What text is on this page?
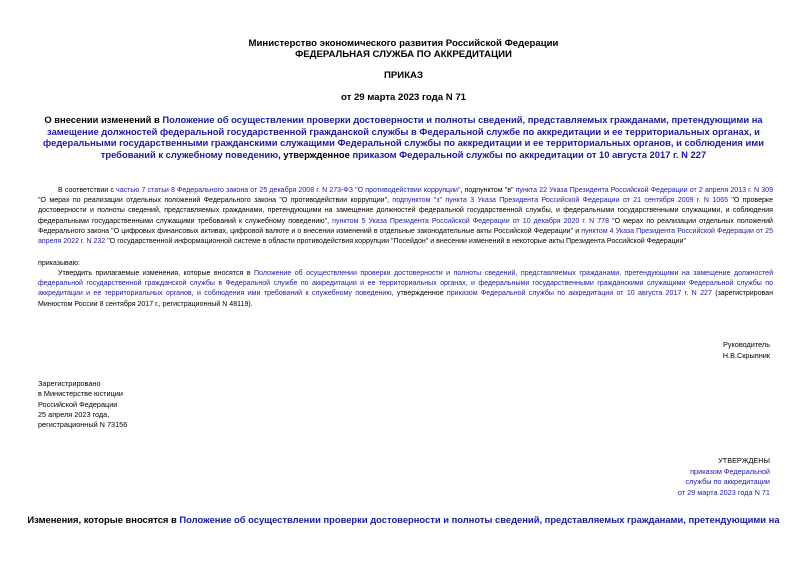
Министерство экономического развития Российской Федерации
ФЕДЕРАЛЬНАЯ СЛУЖБА ПО АККРЕДИТАЦИИ
ПРИКАЗ
от 29 марта 2023 года N 71
О внесении изменений в Положение об осуществлении проверки достоверности и полноты сведений, представляемых гражданами, претендующими на замещение должностей федеральной государственной гражданской службы в Федеральной службе по аккредитации и ее территориальных органах, и федеральными государственными гражданскими служащими Федеральной службы по аккредитации и ее территориальных органов, и соблюдения ими требований к служебному поведению, утвержденное приказом Федеральной службы по аккредитации от 10 августа 2017 г. N 227

В соответствии с частью 7 статьи 8 Федерального закона от 25 декабря 2008 г. N 273-ФЗ "О противодействии коррупции", подпунктом "в" пункта 22 Указа Президента Российской Федерации от 2 апреля 2013 г. N 309 "О мерах по реализации отдельных положений Федерального закона "О противодействии коррупции", подпунктом "з" пункта 3 Указа Президента Российской Федерации от 21 сентября 2009 г. N 1065 "О проверке достоверности и полноты сведений, представляемых гражданами, претендующими на замещение должностей федеральной государственной службы, и федеральными государственными служащими, и соблюдения федеральными государственными служащими требований к служебному поведению", пунктом 5 Указа Президента Российской Федерации от 10 декабря 2020 г. N 778 "О мерах по реализации отдельных положений Федерального закона "О цифровых финансовых активах, цифровой валюте и о внесении изменений в отдельные законодательные акты Российской Федерации" и пунктом 4 Указа Президента Российской Федерации от 25 апреля 2022 г. N 232 "О государственной информационной системе в области противодействия коррупции "Посейдон" и внесении изменений в некоторые акты Президента Российской Федерации"

приказываю:

Утвердить прилагаемые изменения, которые вносятся в Положение об осуществлении проверки достоверности и полноты сведений, представляемых гражданами, претендующими на замещение должностей федеральной государственной гражданской службы в Федеральной службе по аккредитации и ее территориальных органах, и федеральными государственными гражданскими служащими Федеральной службы по аккредитации и ее территориальных органов, и соблюдения ими требований к служебному поведению, утвержденное приказом Федеральной службы по аккредитации от 10 августа 2017 г. N 227 (зарегистрирован Минюстом России 8 сентября 2017 г., регистрационный N 48119).

Руководитель
Н.В.Скрыпник
Зарегистрировано
в Министерстве юстиции
Российской Федерации
25 апреля 2023 года,
регистрационный N 73156
УТВЕРЖДЕНЫ
приказом Федеральной
службы по аккредитации
от 29 марта 2023 года N 71
Изменения, которые вносятся в Положение об осуществлении проверки достоверности и полноты сведений, представляемых гражданами, претендующими на
